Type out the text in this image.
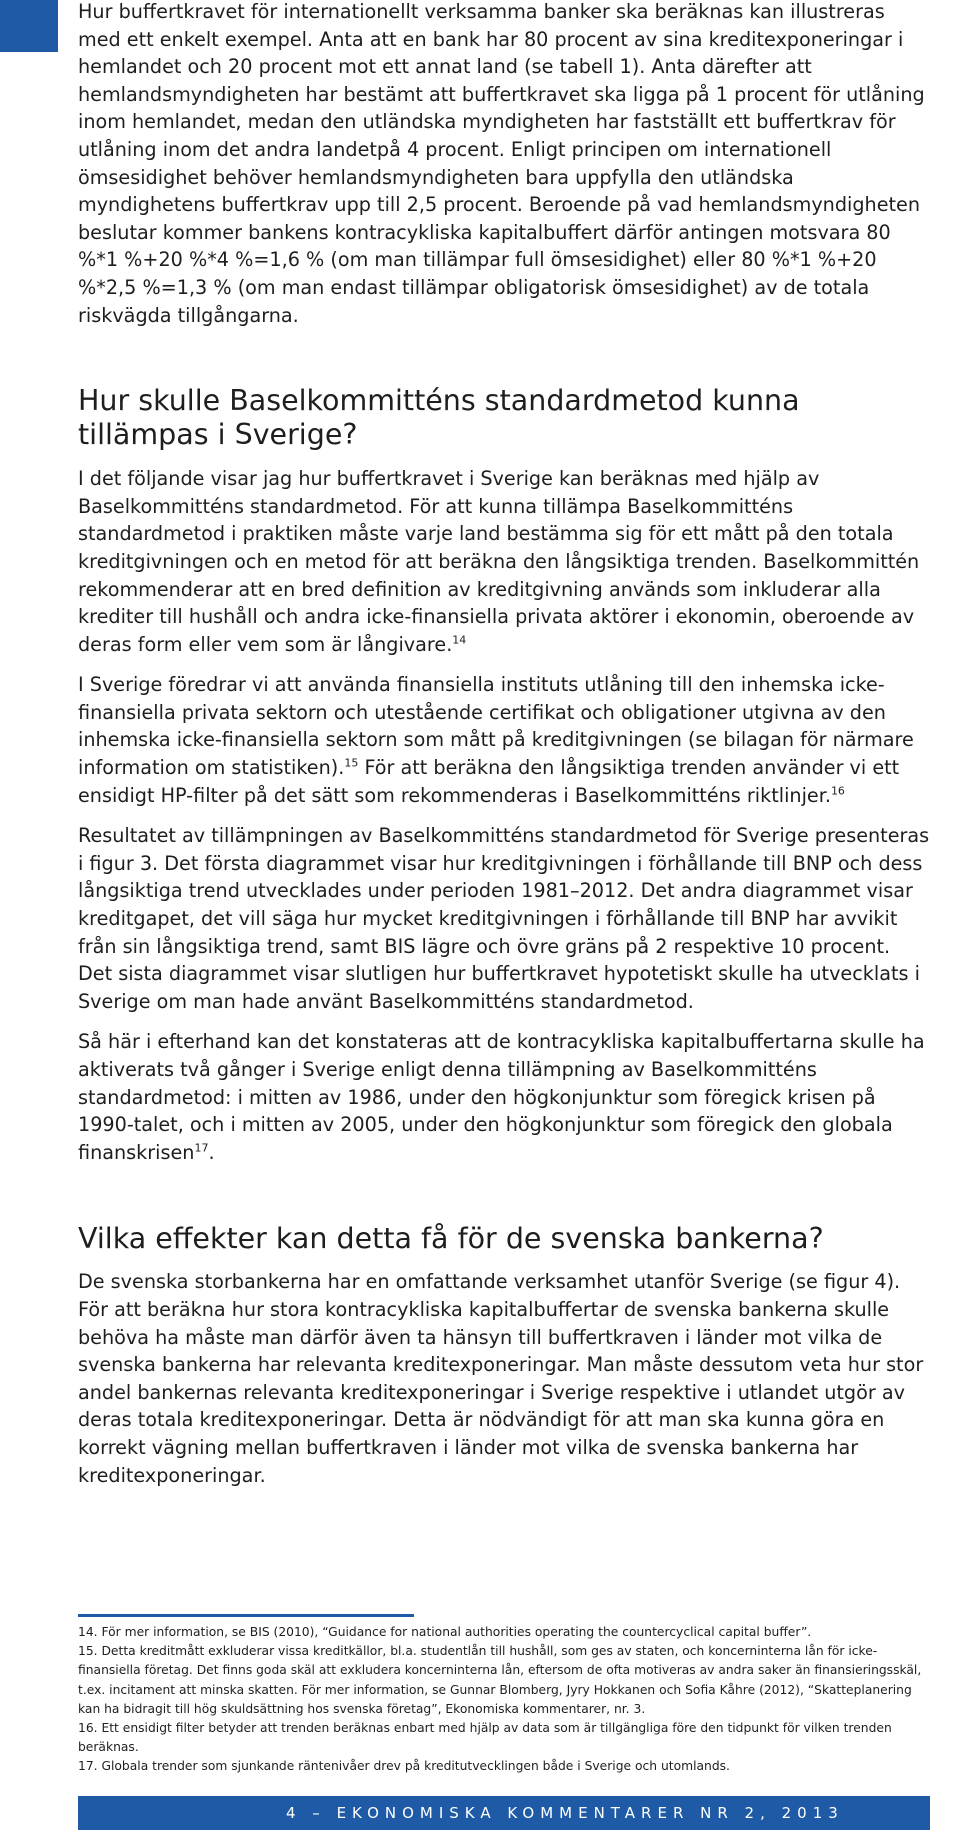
Hur buffertkravet för internationellt verksamma banker ska beräknas kan illustreras med ett enkelt exempel. Anta att en bank har 80 procent av sina kreditexponeringar i hemlandet och 20 procent mot ett annat land (se tabell 1). Anta därefter att hemlandsmyndigheten har bestämt att buffertkravet ska ligga på 1 procent för utlåning inom hemlandet, medan den utländska myndigheten har fastställt ett buffertkrav för utlåning inom det andra landetpå 4 procent. Enligt principen om internationell ömsesidighet behöver hemlandsmyndigheten bara uppfylla den utländska myndighetens buffertkrav upp till 2,5 procent. Beroende på vad hemlandsmyndigheten beslutar kommer bankens kontracykliska kapitalbuffert därför antingen motsvara 80 %*1 %+20 %*4 %=1,6 % (om man tillämpar full ömsesidighet) eller 80 %*1 %+20 %*2,5 %=1,3 % (om man endast tillämpar obligatorisk ömsesidighet) av de totala riskvägda tillgångarna.

Hur skulle Baselkommitténs standardmetod kunna tillämpas i Sverige?

I det följande visar jag hur buffertkravet i Sverige kan beräknas med hjälp av Baselkommitténs standardmetod. För att kunna tillämpa Baselkommitténs standardmetod i praktiken måste varje land bestämma sig för ett mått på den totala kreditgivningen och en metod för att beräkna den långsiktiga trenden. Baselkommittén rekommenderar att en bred definition av kreditgivning används som inkluderar alla krediter till hushåll och andra icke-finansiella privata aktörer i ekonomin, oberoende av deras form eller vem som är långivare.$^{14}$

I Sverige föredrar vi att använda finansiella instituts utlåning till den inhemska icke-finansiella privata sektorn och utestående certifikat och obligationer utgivna av den inhemska icke-finansiella sektorn som mått på kreditgivningen (se bilagan för närmare information om statistiken).$^{15}$ För att beräkna den långsiktiga trenden använder vi ett ensidigt HP-filter på det sätt som rekommenderas i Baselkommitténs riktlinjer.$^{16}$

Resultatet av tillämpningen av Baselkommitténs standardmetod för Sverige presenteras i figur 3. Det första diagrammet visar hur kreditgivningen i förhållande till BNP och dess långsiktiga trend utvecklades under perioden 1981–2012. Det andra diagrammet visar kreditgapet, det vill säga hur mycket kreditgivningen i förhållande till BNP har avvikit från sin långsiktiga trend, samt BIS lägre och övre gräns på 2 respektive 10 procent. Det sista diagrammet visar slutligen hur buffertkravet hypotetiskt skulle ha utvecklats i Sverige om man hade använt Baselkommitténs standardmetod.

Så här i efterhand kan det konstateras att de kontracykliska kapitalbuffertarna skulle ha aktiverats två gånger i Sverige enligt denna tillämpning av Baselkommitténs standardmetod: i mitten av 1986, under den högkonjunktur som föregick krisen på 1990-talet, och i mitten av 2005, under den högkonjunktur som föregick den globala finanskrisen$^{17}$.

Vilka effekter kan detta få för de svenska bankerna?

De svenska storbankerna har en omfattande verksamhet utanför Sverige (se figur 4). För att beräkna hur stora kontracykliska kapitalbuffertar de svenska bankerna skulle behöva ha måste man därför även ta hänsyn till buffertkraven i länder mot vilka de svenska bankerna har relevanta kreditexponeringar. Man måste dessutom veta hur stor andel bankernas relevanta kreditexponeringar i Sverige respektive i utlandet utgör av deras totala kreditexponeringar. Detta är nödvändigt för att man ska kunna göra en korrekt vägning mellan buffertkraven i länder mot vilka de svenska bankerna har kreditexponeringar.

14. För mer information, se BIS (2010), “Guidance for national authorities operating the countercyclical capital buffer”.

15. Detta kreditmått exkluderar vissa kreditkällor, bl.a. studentlån till hushåll, som ges av staten, och koncerninterna lån för icke-finansiella företag. Det finns goda skäl att exkludera koncerninterna lån, eftersom de ofta motiveras av andra saker än finansieringsskäl, t.ex. incitament att minska skatten. För mer information, se Gunnar Blomberg, Jyry Hokkanen och Sofia Kåhre (2012), “Skatteplanering kan ha bidragit till hög skuldsättning hos svenska företag”, Ekonomiska kommentarer, nr. 3.

16. Ett ensidigt filter betyder att trenden beräknas enbart med hjälp av data som är tillgängliga före den tidpunkt för vilken trenden beräknas.

17. Globala trender som sjunkande räntenivåer drev på kreditutvecklingen både i Sverige och utomlands.

4 – EKONOMISKA KOMMENTARER NR 2, 2013
